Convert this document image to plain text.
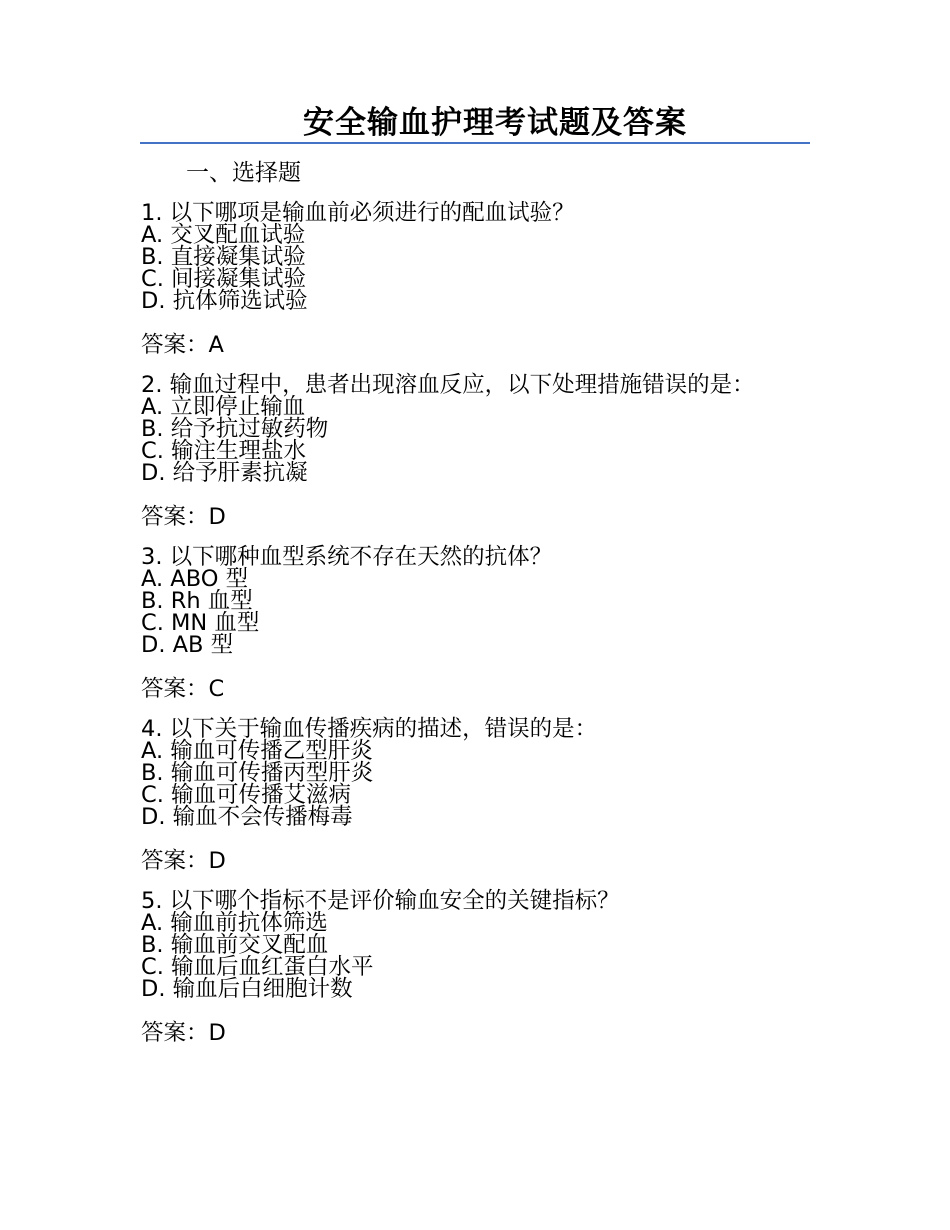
安全输血护理考试题及答案
一、选择题
1. 以下哪项是输血前必须进行的配血试验？
A. 交叉配血试验
B. 直接凝集试验
C. 间接凝集试验
D. 抗体筛选试验
答案：A
2. 输血过程中，患者出现溶血反应，以下处理措施错误的是：
A. 立即停止输血
B. 给予抗过敏药物
C. 输注生理盐水
D. 给予肝素抗凝
答案：D
3. 以下哪种血型系统不存在天然的抗体？
A. ABO 型
B. Rh 血型
C. MN 血型
D. AB 型
答案：C
4. 以下关于输血传播疾病的描述，错误的是：
A. 输血可传播乙型肝炎
B. 输血可传播丙型肝炎
C. 输血可传播艾滋病
D. 输血不会传播梅毒
答案：D
5. 以下哪个指标不是评价输血安全的关键指标？
A. 输血前抗体筛选
B. 输血前交叉配血
C. 输血后血红蛋白水平
D. 输血后白细胞计数
答案：D
